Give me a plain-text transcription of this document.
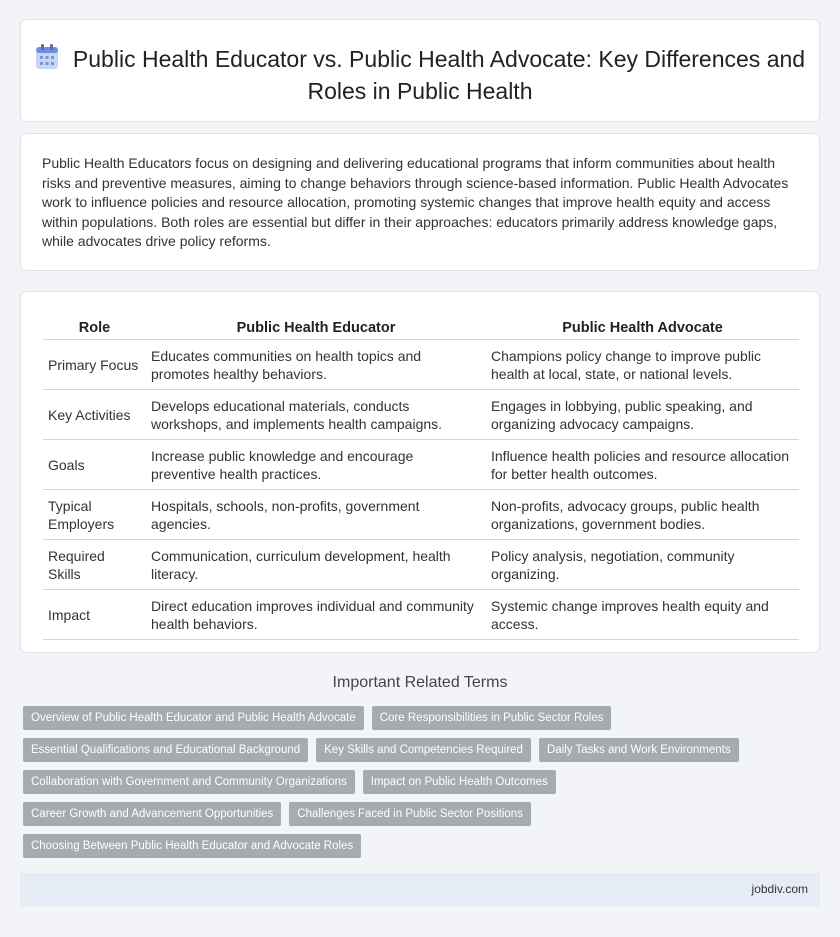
Public Health Educator vs. Public Health Advocate: Key Differences and Roles in Public Health
Public Health Educators focus on designing and delivering educational programs that inform communities about health risks and preventive measures, aiming to change behaviors through science-based information. Public Health Advocates work to influence policies and resource allocation, promoting systemic changes that improve health equity and access within populations. Both roles are essential but differ in their approaches: educators primarily address knowledge gaps, while advocates drive policy reforms.
Role	Public Health Educator	Public Health Advocate
Primary Focus	Educates communities on health topics and promotes healthy behaviors.	Champions policy change to improve public health at local, state, or national levels.
Key Activities	Develops educational materials, conducts workshops, and implements health campaigns.	Engages in lobbying, public speaking, and organizing advocacy campaigns.
Goals	Increase public knowledge and encourage preventive health practices.	Influence health policies and resource allocation for better health outcomes.
Typical Employers	Hospitals, schools, non-profits, government agencies.	Non-profits, advocacy groups, public health organizations, government bodies.
Required Skills	Communication, curriculum development, health literacy.	Policy analysis, negotiation, community organizing.
Impact	Direct education improves individual and community health behaviors.	Systemic change improves health equity and access.
Important Related Terms
Overview of Public Health Educator and Public Health Advocate	Core Responsibilities in Public Sector Roles
Essential Qualifications and Educational Background	Key Skills and Competencies Required	Daily Tasks and Work Environments
Collaboration with Government and Community Organizations	Impact on Public Health Outcomes
Career Growth and Advancement Opportunities	Challenges Faced in Public Sector Positions
Choosing Between Public Health Educator and Advocate Roles
jobdiv.com
